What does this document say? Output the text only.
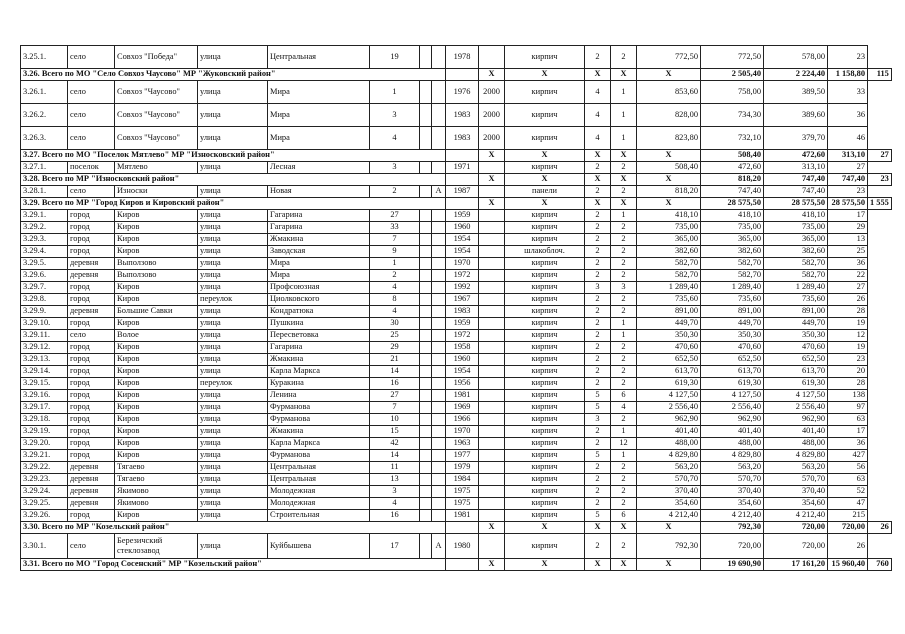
3.25.1.	село	Совхоз "Победа"	улица	Центральная	19			1978		кирпич	2	2	772,50	772,50	578,00	23	
3.26. Всего по МО "Село Совхоз Чаусово" МР "Жуковский район"									X	X	X	X	X	2 505,40	2 224,40	1 158,80	115
3.26.1.	село	Совхоз "Чаусово"	улица	Мира	1			1976	2000	кирпич	4	1	853,60	758,00	389,50	33	
3.26.2.	село	Совхоз "Чаусово"	улица	Мира	3			1983	2000	кирпич	4	1	828,00	734,30	389,60	36	
3.26.3.	село	Совхоз "Чаусово"	улица	Мира	4			1983	2000	кирпич	4	1	823,80	732,10	379,70	46	
3.27. Всего по МО "Поселок Мятлево" МР "Износковский район"									X	X	X	X	X	508,40	472,60	313,10	27
3.27.1.	поселок	Мятлево	улица	Лесная	3			1971		кирпич	2	2	508,40	472,60	313,10	27	
3.28. Всего по МР "Износковский район"									X	X	X	X	X	818,20	747,40	747,40	23
3.28.1.	село	Износки	улица	Новая	2		А	1987		панели	2	2	818,20	747,40	747,40	23	
3.29. Всего по МР "Город Киров и Кировский район"									X	X	X	X	X	28 575,50	28 575,50	28 575,50	1 555
3.29.1.	город	Киров	улица	Гагарина	27			1959		кирпич	2	1	418,10	418,10	418,10	17	
3.29.2.	город	Киров	улица	Гагарина	33			1960		кирпич	2	2	735,00	735,00	735,00	29	
3.29.3.	город	Киров	улица	Жмакина	7			1954		кирпич	2	2	365,00	365,00	365,00	13	
3.29.4.	город	Киров	улица	Заводская	9			1954		шлакоблоч.	2	2	382,60	382,60	382,60	25	
3.29.5.	деревня	Выползово	улица	Мира	1			1970		кирпич	2	2	582,70	582,70	582,70	36	
3.29.6.	деревня	Выползово	улица	Мира	2			1972		кирпич	2	2	582,70	582,70	582,70	22	
3.29.7.	город	Киров	улица	Профсоюзная	4			1992		кирпич	3	3	1 289,40	1 289,40	1 289,40	27	
3.29.8.	город	Киров	переулок	Циолковского	8			1967		кирпич	2	2	735,60	735,60	735,60	26	
3.29.9.	деревня	Большие Савки	улица	Кондратюка	4			1983		кирпич	2	2	891,00	891,00	891,00	28	
3.29.10.	город	Киров	улица	Пушкина	30			1959		кирпич	2	1	449,70	449,70	449,70	19	
3.29.11.	село	Волое	улица	Пересветовка	25			1972		кирпич	2	1	350,30	350,30	350,30	12	
3.29.12.	город	Киров	улица	Гагарина	29			1958		кирпич	2	2	470,60	470,60	470,60	19	
3.29.13.	город	Киров	улица	Жмакина	21			1960		кирпич	2	2	652,50	652,50	652,50	23	
3.29.14.	город	Киров	улица	Карла Маркса	14			1954		кирпич	2	2	613,70	613,70	613,70	20	
3.29.15.	город	Киров	переулок	Куракина	16			1956		кирпич	2	2	619,30	619,30	619,30	28	
3.29.16.	город	Киров	улица	Ленина	27			1981		кирпич	5	6	4 127,50	4 127,50	4 127,50	138	
3.29.17.	город	Киров	улица	Фурманова	7			1969		кирпич	5	4	2 556,40	2 556,40	2 556,40	97	
3.29.18.	город	Киров	улица	Фурманова	10			1966		кирпич	3	2	962,90	962,90	962,90	63	
3.29.19.	город	Киров	улица	Жмакина	15			1970		кирпич	2	1	401,40	401,40	401,40	17	
3.29.20.	город	Киров	улица	Карла Маркса	42			1963		кирпич	2	12	488,00	488,00	488,00	36	
3.29.21.	город	Киров	улица	Фурманова	14			1977		кирпич	5	1	4 829,80	4 829,80	4 829,80	427	
3.29.22.	деревня	Тягаево	улица	Центральная	11			1979		кирпич	2	2	563,20	563,20	563,20	56	
3.29.23.	деревня	Тягаево	улица	Центральная	13			1984		кирпич	2	2	570,70	570,70	570,70	63	
3.29.24.	деревня	Якимово	улица	Молодежная	3			1975		кирпич	2	2	370,40	370,40	370,40	52	
3.29.25.	деревня	Якимово	улица	Молодежная	4			1975		кирпич	2	2	354,60	354,60	354,60	47	
3.29.26.	город	Киров	улица	Строительная	16			1981		кирпич	5	6	4 212,40	4 212,40	4 212,40	215	
3.30. Всего по МР "Козельский район"									X	X	X	X	X	792,30	720,00	720,00	26
3.30.1.	село	Березичский стеклозавод	улица	Куйбышева	17		А	1980		кирпич	2	2	792,30	720,00	720,00	26	
3.31. Всего по МО "Город Сосенский" МР "Козельский район"									X	X	X	X	X	19 690,90	17 161,20	15 960,40	760
